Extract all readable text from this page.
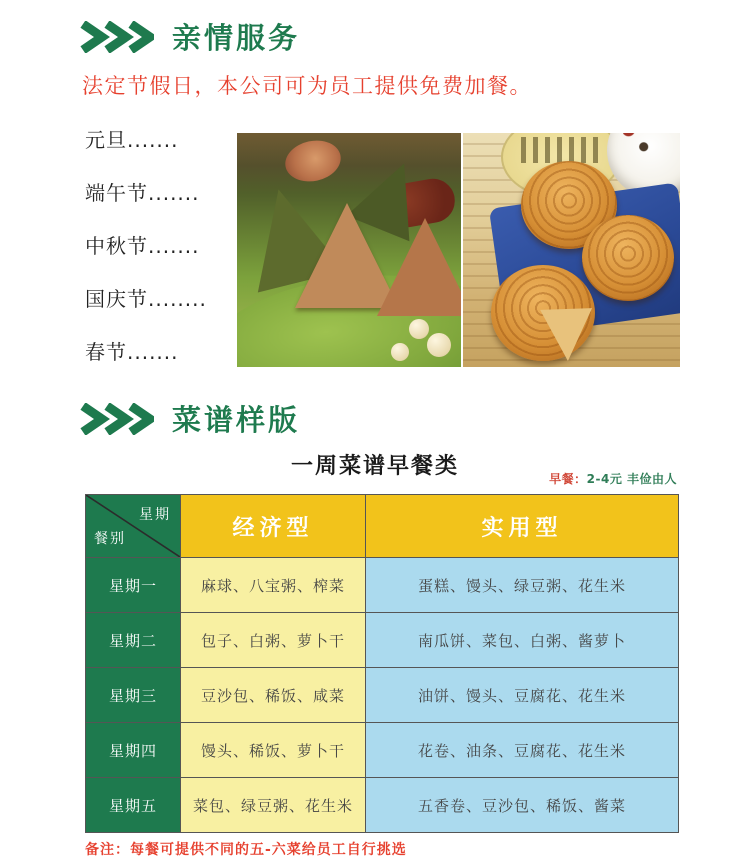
亲情服务

法定节假日，本公司可为员工提供免费加餐。

元旦.......
端午节.......
中秋节.......
国庆节........
春节.......
菜谱样版
一周菜谱早餐类	早餐：2-4元 丰俭由人
星期
餐别	经济型	实用型
星期一	麻球、八宝粥、榨菜	蛋糕、馒头、绿豆粥、花生米
星期二	包子、白粥、萝卜干	南瓜饼、菜包、白粥、酱萝卜
星期三	豆沙包、稀饭、咸菜	油饼、馒头、豆腐花、花生米
星期四	馒头、稀饭、萝卜干	花卷、油条、豆腐花、花生米
星期五	菜包、绿豆粥、花生米	五香卷、豆沙包、稀饭、酱菜

备注：每餐可提供不同的五-六菜给员工自行挑选
